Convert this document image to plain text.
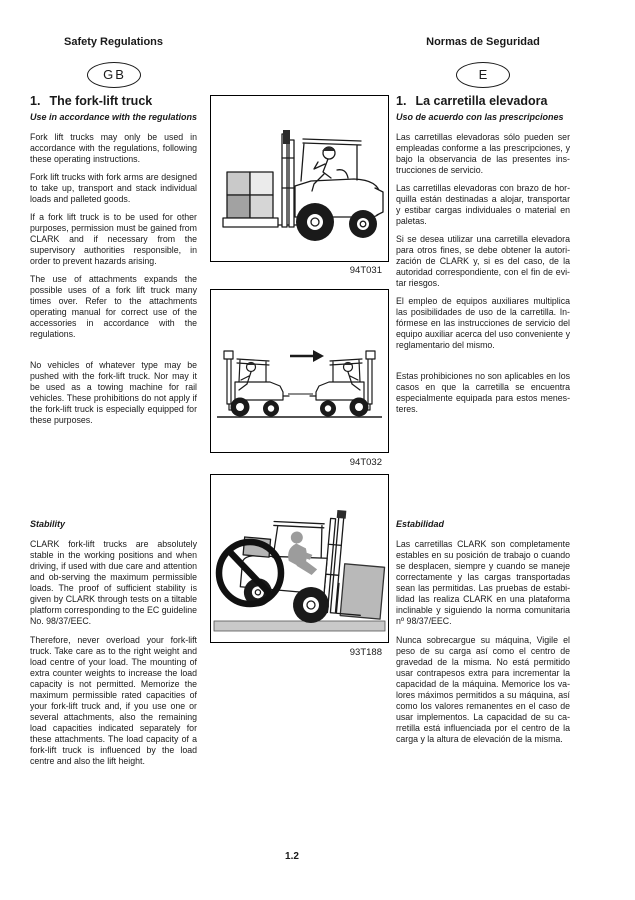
Safety Regulations	Normas de Seguridad
GB	E
1. The fork-lift truck
Use in accordance with the regulations

Fork lift trucks may only be used in accordance with the regulations, following these operating instructions.

Fork lift trucks with fork arms are designed to take up, transport and stack individual loads and palleted goods.

If a fork lift truck is to be used for other purposes, permission must be gained from CLARK and if necessary from the supervisory authorities responsible, in order to prevent hazards arising.

The use of attachments expands the possible uses of a fork lift truck many times over. Refer to the attachments operating manual for correct use of the accessories in accordance with the regulations.

No vehicles of whatever type may be pushed with the fork-lift truck. Nor may it be used as a towing machine for rail vehicles. These prohibitions do not apply if the fork-lift truck is especially equipped for these purposes.

1. La carretilla elevadora
Uso de acuerdo con las prescripciones

Las carretillas elevadoras sólo pueden ser empleadas conforme a las prescripciones, y bajo la observancia de las presentes ins-trucciones de servicio.

Las carretillas elevadoras con brazo de hor-quilla están destinadas a alojar, transportar y estibar cargas individuales o material en paletas.

Si se desea utilizar una carretilla elevadora para otros fines, se debe obtener la autori-zación de CLARK y, si es del caso, de la autoridad correspondiente, con el fin de evi-tar riesgos.

El empleo de equipos auxiliares multiplica las posibilidades de uso de la carretilla. In-fórmese en las instrucciones de servicio del equipo auxiliar acerca del uso conveniente y reglamentario del mismo.

Estas prohibiciones no son aplicables en los casos en que la carretilla se encuentra especialmente equipada para estos menes-teres.

Stability

CLARK fork-lift trucks are absolutely stable in the working positions and when driving, if used with due care and attention and ob-serving the maximum permissible loads. The proof of sufficient stability is given by CLARK through tests on a tiltable platform corresponding to the EC guideline No. 98/37/EEC.

Therefore, never overload your fork-lift truck. Take care as to the right weight and load centre of your load. The mounting of extra counter weights to increase the load capacity is not permitted. Memorize the maximum permissible rated capacities of your fork-lift truck and, if you use one or several attachments, also the remaining load capacities indicated separately for these attachments. The load capacity of a fork-lift truck is influenced by the load centre and also the lift height.

Estabilidad

Las carretillas CLARK son completamente estables en su posición de trabajo o cuando se desplacen, siempre y cuando se maneje correctamente y las cargas transportadas sean las permitidas. Las pruebas de estabi-lidad las realiza CLARK en una plataforma inclinable y siguiendo la norma comunitaria nº 98/37/EEC.

Nunca sobrecargue su máquina, Vigile el peso de su carga así como el centro de gravedad de la misma. No está permitido usar contrapesos extra para incrementar la capacidad de la máquina. Memorice los va-lores máximos permitidos a su máquina, así como los valores remanentes en el caso de usar implementos. La capacidad de su ca-rretilla está influenciada por el centro de la carga y la altura de elevación de la misma.

94T031
94T032
93T188
1.2
